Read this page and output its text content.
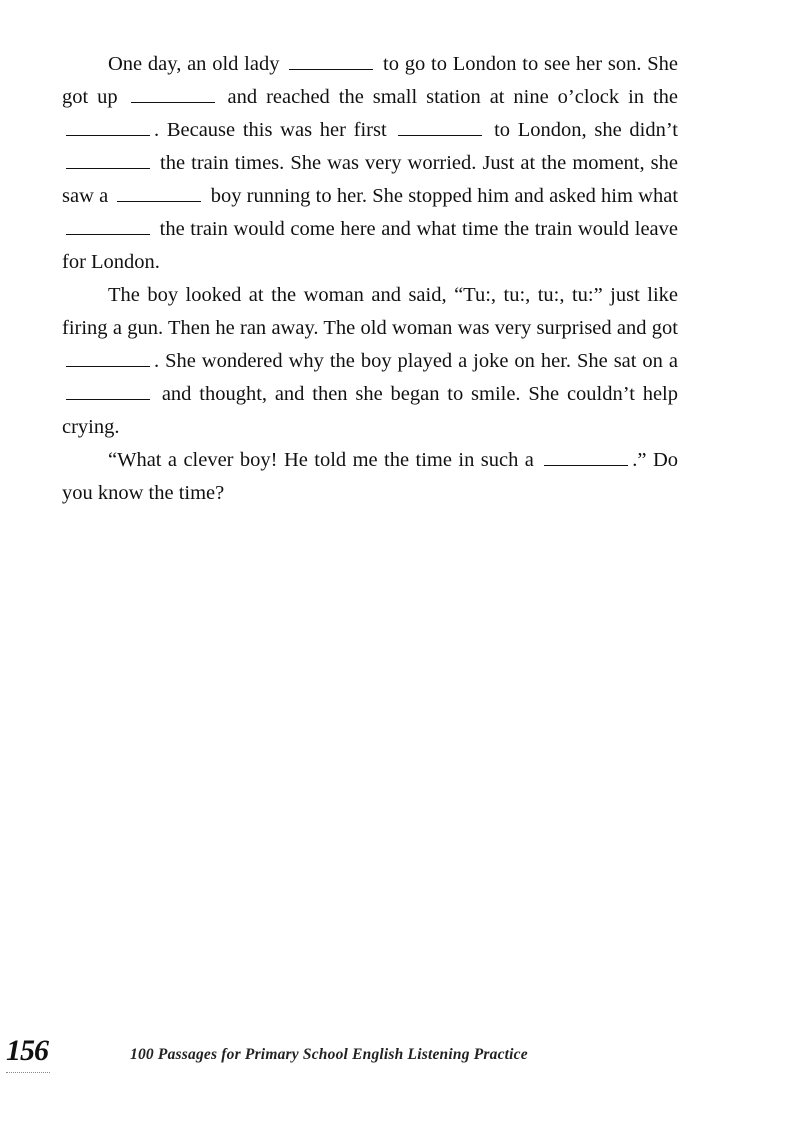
One day, an old lady	to go to London to see her son. She got up	and reached the small station at nine o’clock in the . Because this was her first	to London, she didn’t  the train times. She was very worried. Just at the moment, she saw a	boy running to her. She stopped him and asked him what  the train would come here and what time the train would leave for London.

The boy looked at the woman and said, “Tu:, tu:, tu:, tu:” just like firing a gun. Then he ran away. The old woman was very surprised and got . She wondered why the boy played a joke on her. She sat on a  and thought, and then she began to smile. She couldn’t help crying.

“What a clever boy! He told me the time in such a	.” Do you know the time?

156	100 Passages for Primary School English Listening Practice
